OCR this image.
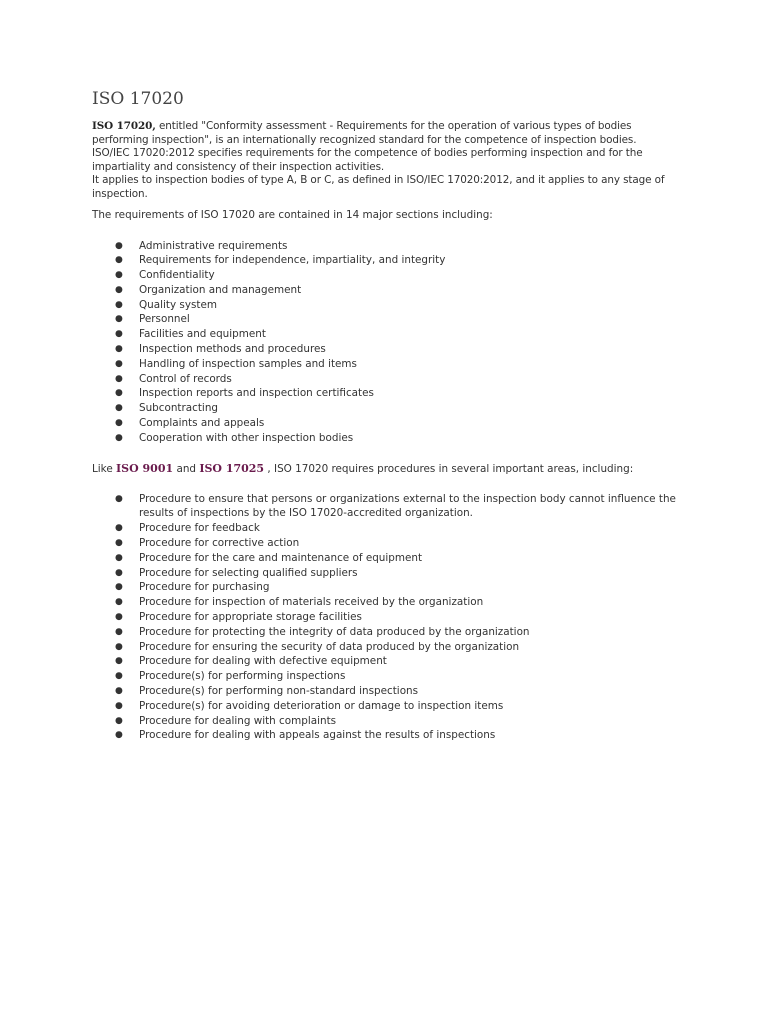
ISO 17020

ISO 17020, entitled "Conformity assessment - Requirements for the operation of various types of bodies
performing inspection", is an internationally recognized standard for the competence of inspection bodies.
ISO/IEC 17020:2012 specifies requirements for the competence of bodies performing inspection and for the
impartiality and consistency of their inspection activities.
It applies to inspection bodies of type A, B or C, as defined in ISO/IEC 17020:2012, and it applies to any stage of
inspection.

The requirements of ISO 17020 are contained in 14 major sections including:

● Administrative requirements
● Requirements for independence, impartiality, and integrity
● Confidentiality
● Organization and management
● Quality system
● Personnel
● Facilities and equipment
● Inspection methods and procedures
● Handling of inspection samples and items
● Control of records
● Inspection reports and inspection certificates
● Subcontracting
● Complaints and appeals
● Cooperation with other inspection bodies

Like ISO 9001 and ISO 17025 , ISO 17020 requires procedures in several important areas, including:

● Procedure to ensure that persons or organizations external to the inspection body cannot influence the
results of inspections by the ISO 17020-accredited organization.
● Procedure for feedback
● Procedure for corrective action
● Procedure for the care and maintenance of equipment
● Procedure for selecting qualified suppliers
● Procedure for purchasing
● Procedure for inspection of materials received by the organization
● Procedure for appropriate storage facilities
● Procedure for protecting the integrity of data produced by the organization
● Procedure for ensuring the security of data produced by the organization
● Procedure for dealing with defective equipment
● Procedure(s) for performing inspections
● Procedure(s) for performing non-standard inspections
● Procedure(s) for avoiding deterioration or damage to inspection items
● Procedure for dealing with complaints
● Procedure for dealing with appeals against the results of inspections
